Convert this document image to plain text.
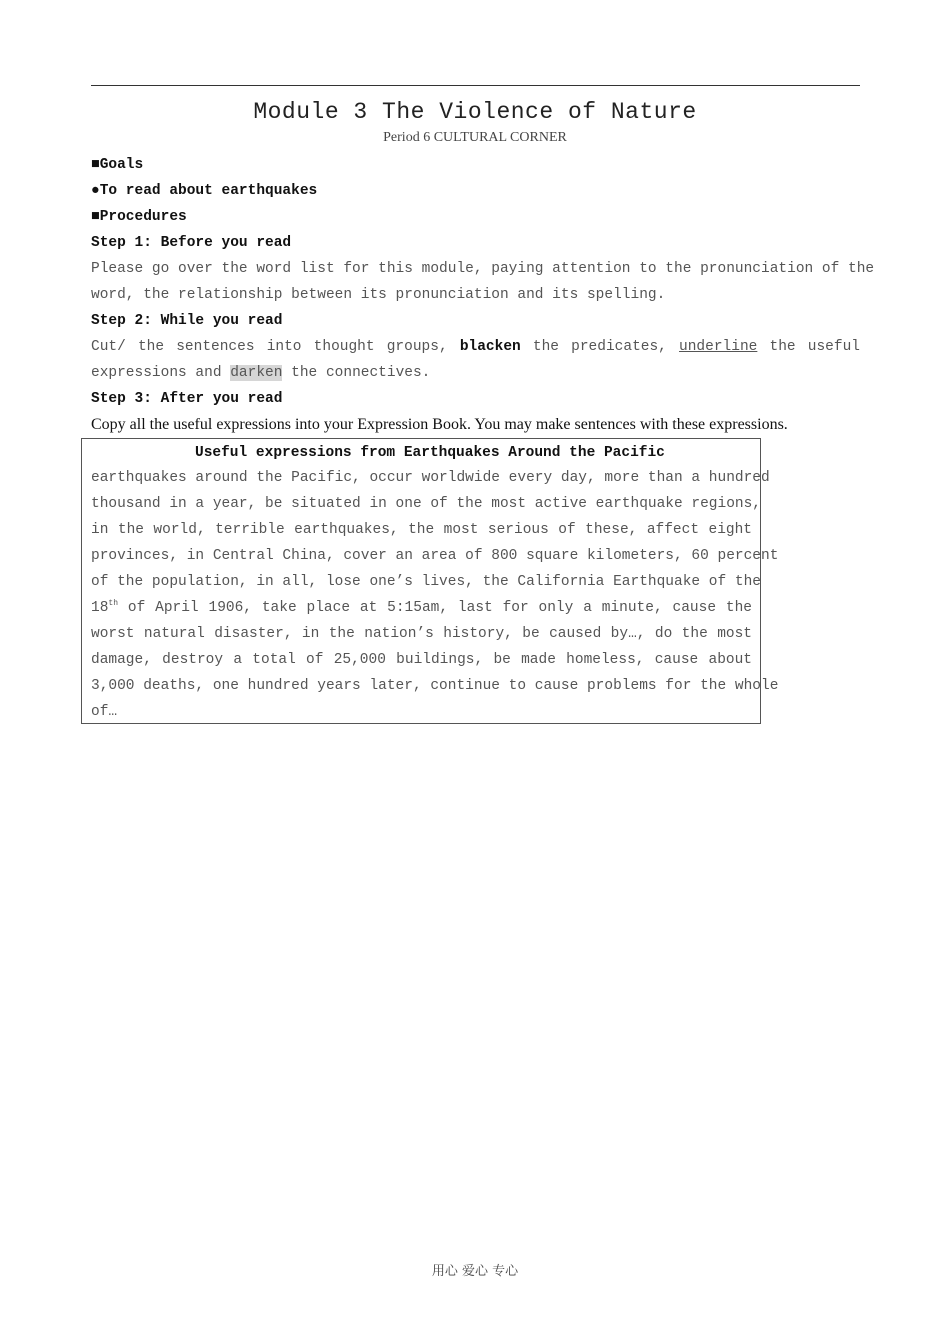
Module 3 The Violence of Nature
Period 6 CULTURAL CORNER
■Goals
●To read about earthquakes
■Procedures
Step 1: Before you read
Please go over the word list for this module, paying attention to the pronunciation of the
word, the relationship between its pronunciation and its spelling.
Step 2: While you read
Cut/ the sentences into thought groups, blacken the predicates, underline the useful
expressions and darken the connectives.
Step 3: After you read
Copy all the useful expressions into your Expression Book. You may make sentences with these expressions.
Useful expressions from Earthquakes Around the Pacific
earthquakes around the Pacific, occur worldwide every day, more than a hundred
thousand in a year, be situated in one of the most active earthquake regions,
in the world, terrible earthquakes, the most serious of these, affect eight
provinces, in Central China, cover an area of 800 square kilometers, 60 percent
of the population, in all, lose one’s lives, the California Earthquake of the
18th of April 1906, take place at 5:15am, last for only a minute, cause the
worst natural disaster, in the nation’s history, be caused by…, do the most
damage, destroy a total of 25,000 buildings, be made homeless, cause about
3,000 deaths, one hundred years later, continue to cause problems for the whole
of…
用心 爱心 专心
